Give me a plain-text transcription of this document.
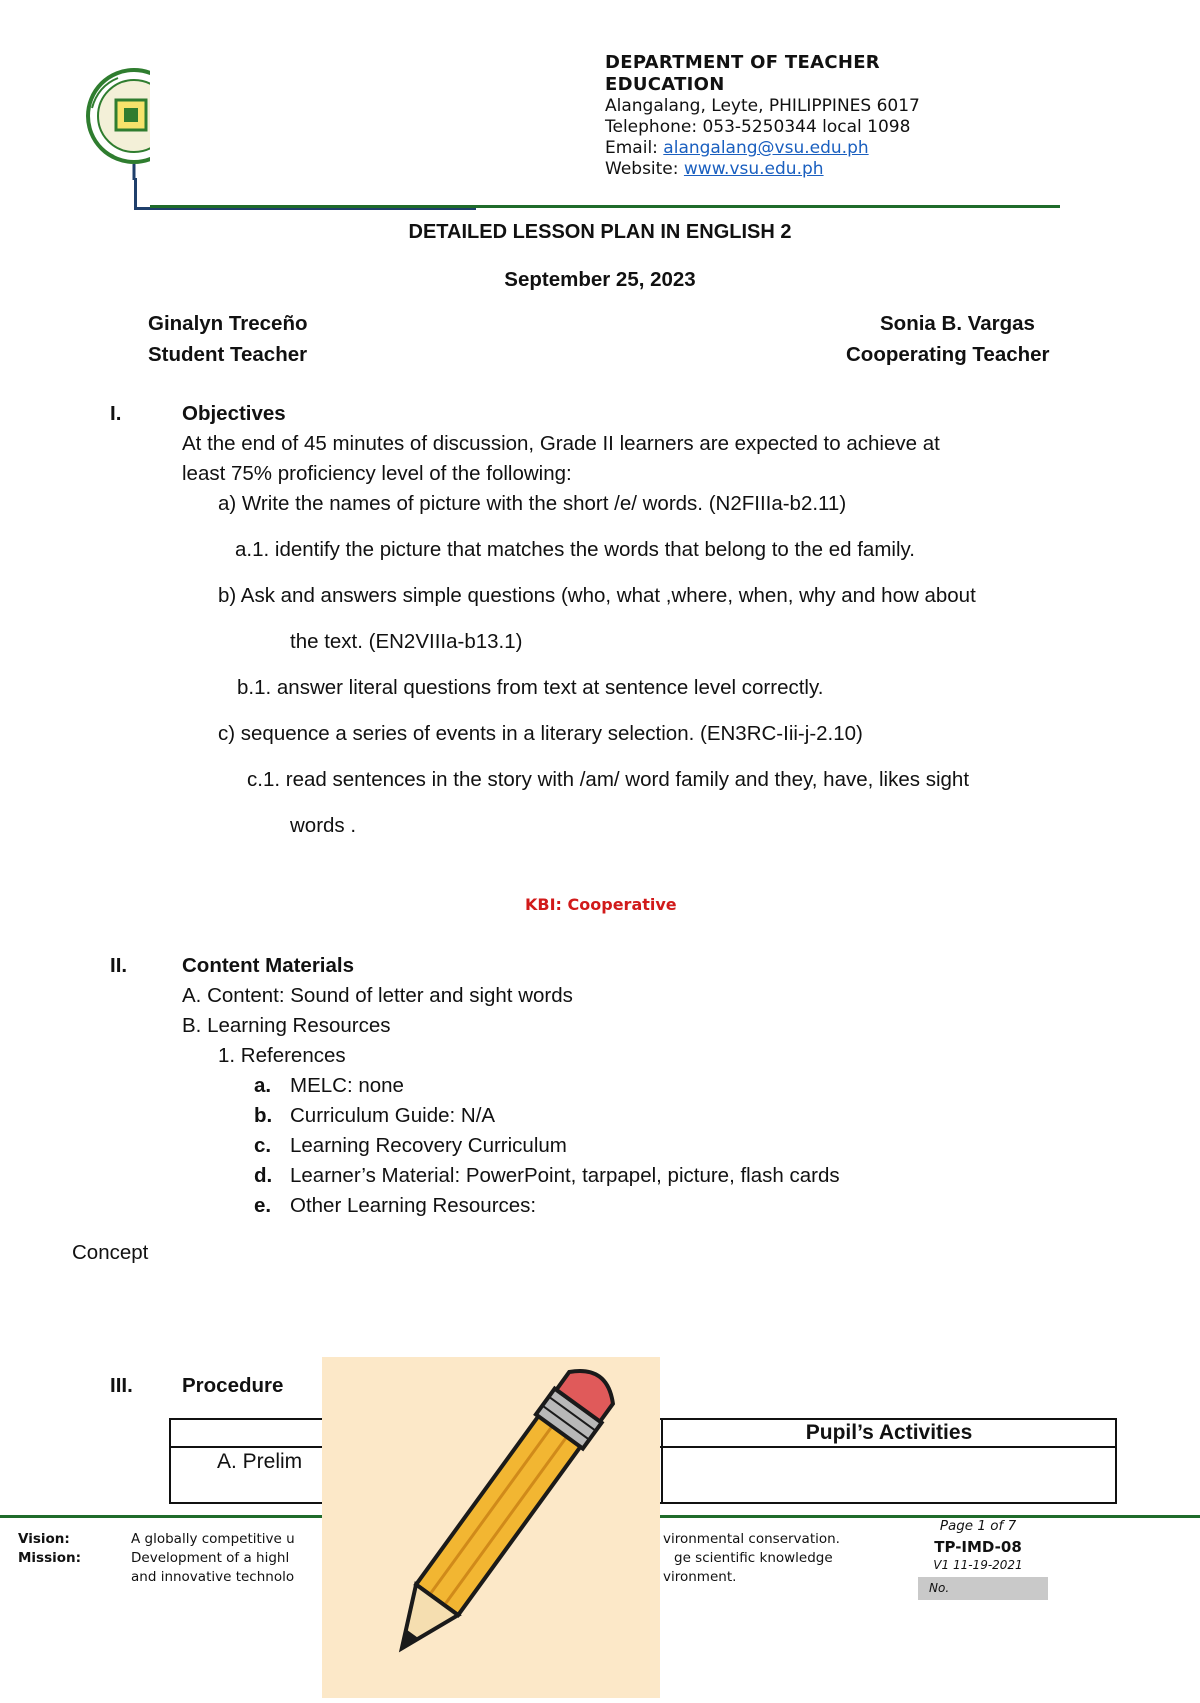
DEPARTMENT OF TEACHER
EDUCATION
Alangalang, Leyte, PHILIPPINES 6017
Telephone: 053-5250344 local 1098
Email: alangalang@vsu.edu.ph
Website: www.vsu.edu.ph
DETAILED LESSON PLAN IN ENGLISH 2
September 25, 2023
Ginalyn Treceño
Student Teacher
Sonia B. Vargas
Cooperating Teacher
I.	Objectives
At the end of 45 minutes of discussion, Grade II learners are expected to achieve at
least 75% proficiency level of the following:
a) Write the names of picture with the short /e/ words. (N2FIIIa-b2.11)
a.1. identify the picture that matches the words that belong to the ed family.
b) Ask and answers simple questions (who, what ,where, when, why and how about
the text. (EN2VIIIa-b13.1)
b.1. answer literal questions from text at sentence level correctly.
c) sequence a series of events in a literary selection. (EN3RC-Iii-j-2.10)
c.1. read sentences in the story with /am/ word family and they, have, likes sight
words .
KBI: Cooperative
II.	Content Materials
A. Content: Sound of letter and sight words
B. Learning Resources
1. References
a. MELC: none
b. Curriculum Guide: N/A
c. Learning Recovery Curriculum
d. Learner’s Material: PowerPoint, tarpapel, picture, flash cards
e. Other Learning Resources:
Concept
III. Procedure

Pupil’s Activities

A. Prelim	

Vision:
Mission:
A globally competitive u
Development of a highl
and innovative technolo
vironmental conservation.
ge scientific knowledge
vironment.
Page 1 of 7
TP-IMD-08
V1 11-19-2021
No.
